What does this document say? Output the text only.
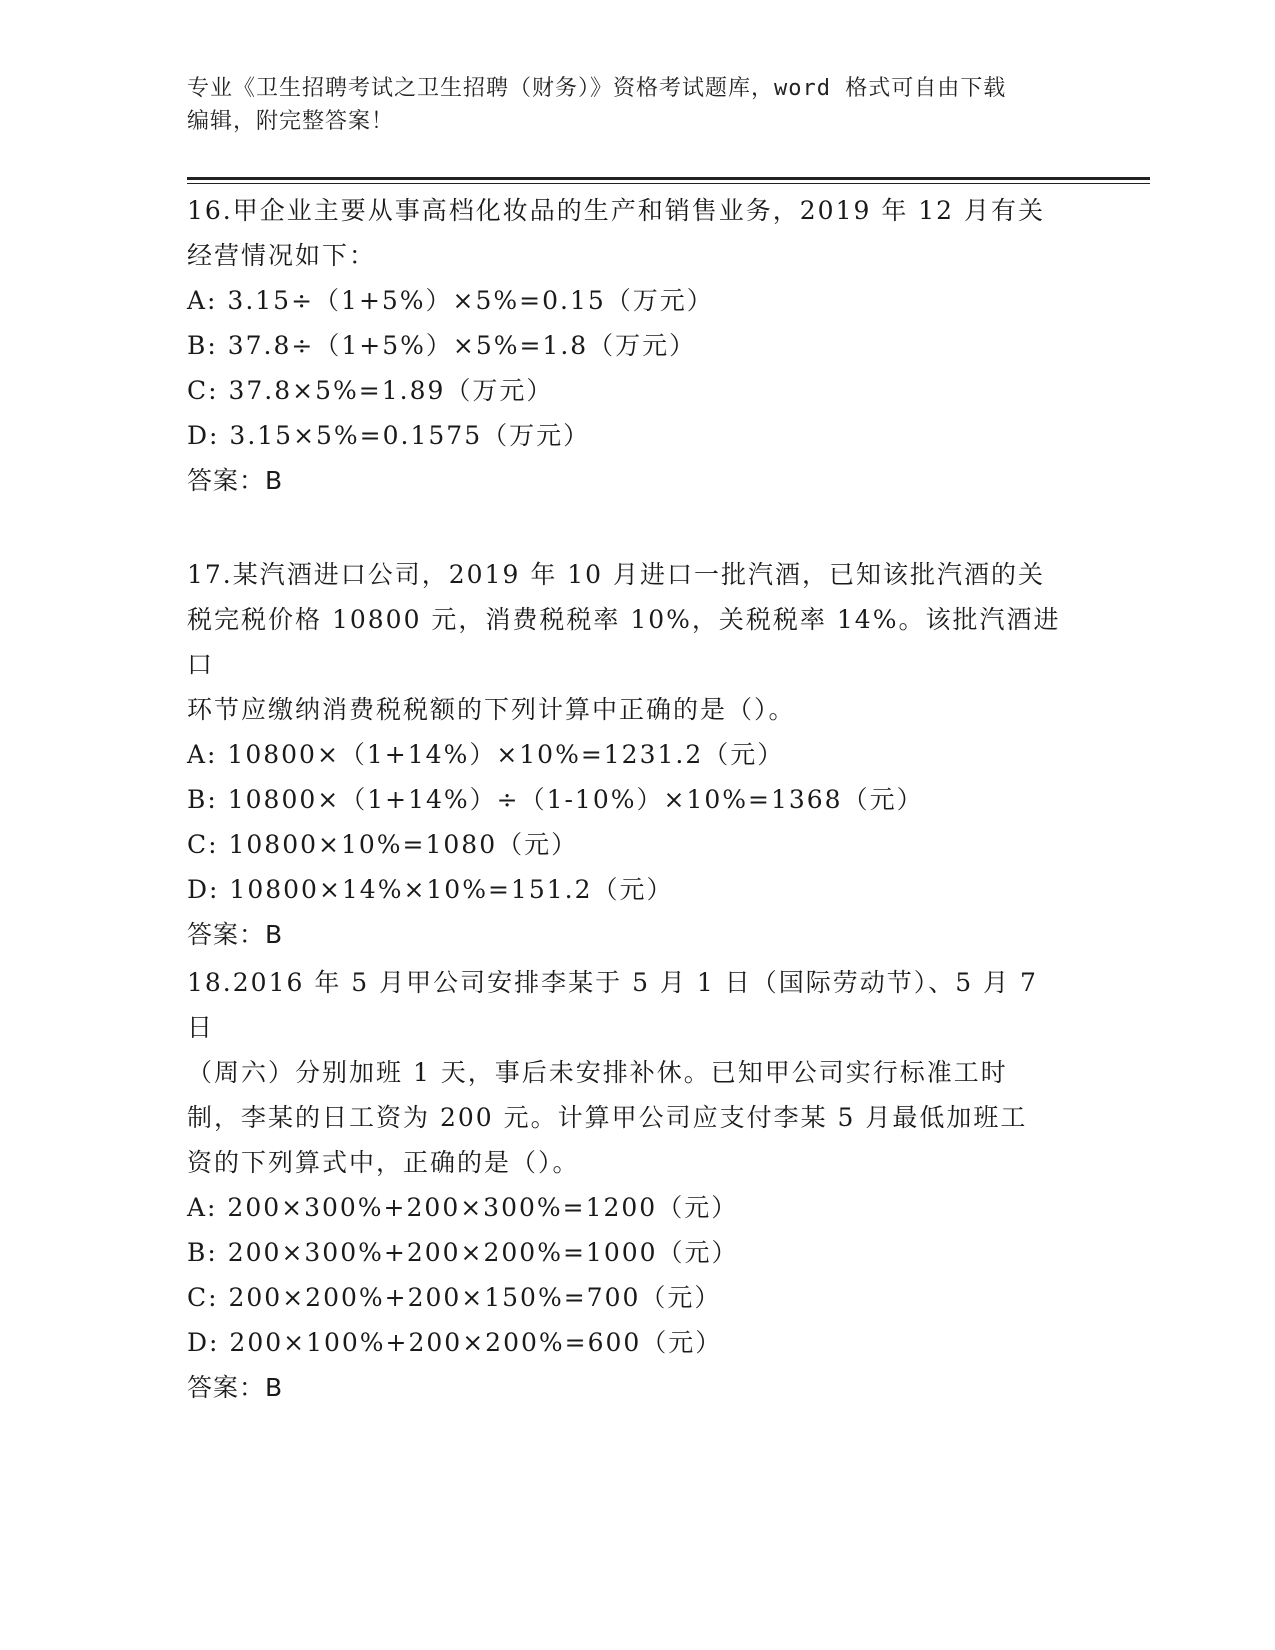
专业《卫生招聘考试之卫生招聘（财务）》资格考试题库，word 格式可自由下载
编辑，附完整答案！
16.甲企业主要从事高档化妆品的生产和销售业务，2019 年 12 月有关
经营情况如下：
A: 3.15÷（1+5%）×5%=0.15（万元）
B: 37.8÷（1+5%）×5%=1.8（万元）
C: 37.8×5%=1.89（万元）
D: 3.15×5%=0.1575（万元）
答案：B
17.某汽酒进口公司，2019 年 10 月进口一批汽酒，已知该批汽酒的关
税完税价格 10800 元，消费税税率 10%，关税税率 14%。该批汽酒进口
环节应缴纳消费税税额的下列计算中正确的是（）。
A: 10800×（1+14%）×10%=1231.2（元）
B: 10800×（1+14%）÷（1-10%）×10%=1368（元）
C: 10800×10%=1080（元）
D: 10800×14%×10%=151.2（元）
答案：B
18.2016 年 5 月甲公司安排李某于 5 月 1 日（国际劳动节）、5 月 7 日
（周六）分别加班 1 天，事后未安排补休。已知甲公司实行标准工时
制，李某的日工资为 200 元。计算甲公司应支付李某 5 月最低加班工
资的下列算式中，正确的是（）。
A: 200×300%+200×300%=1200（元）
B: 200×300%+200×200%=1000（元）
C: 200×200%+200×150%=700（元）
D: 200×100%+200×200%=600（元）
答案：B
